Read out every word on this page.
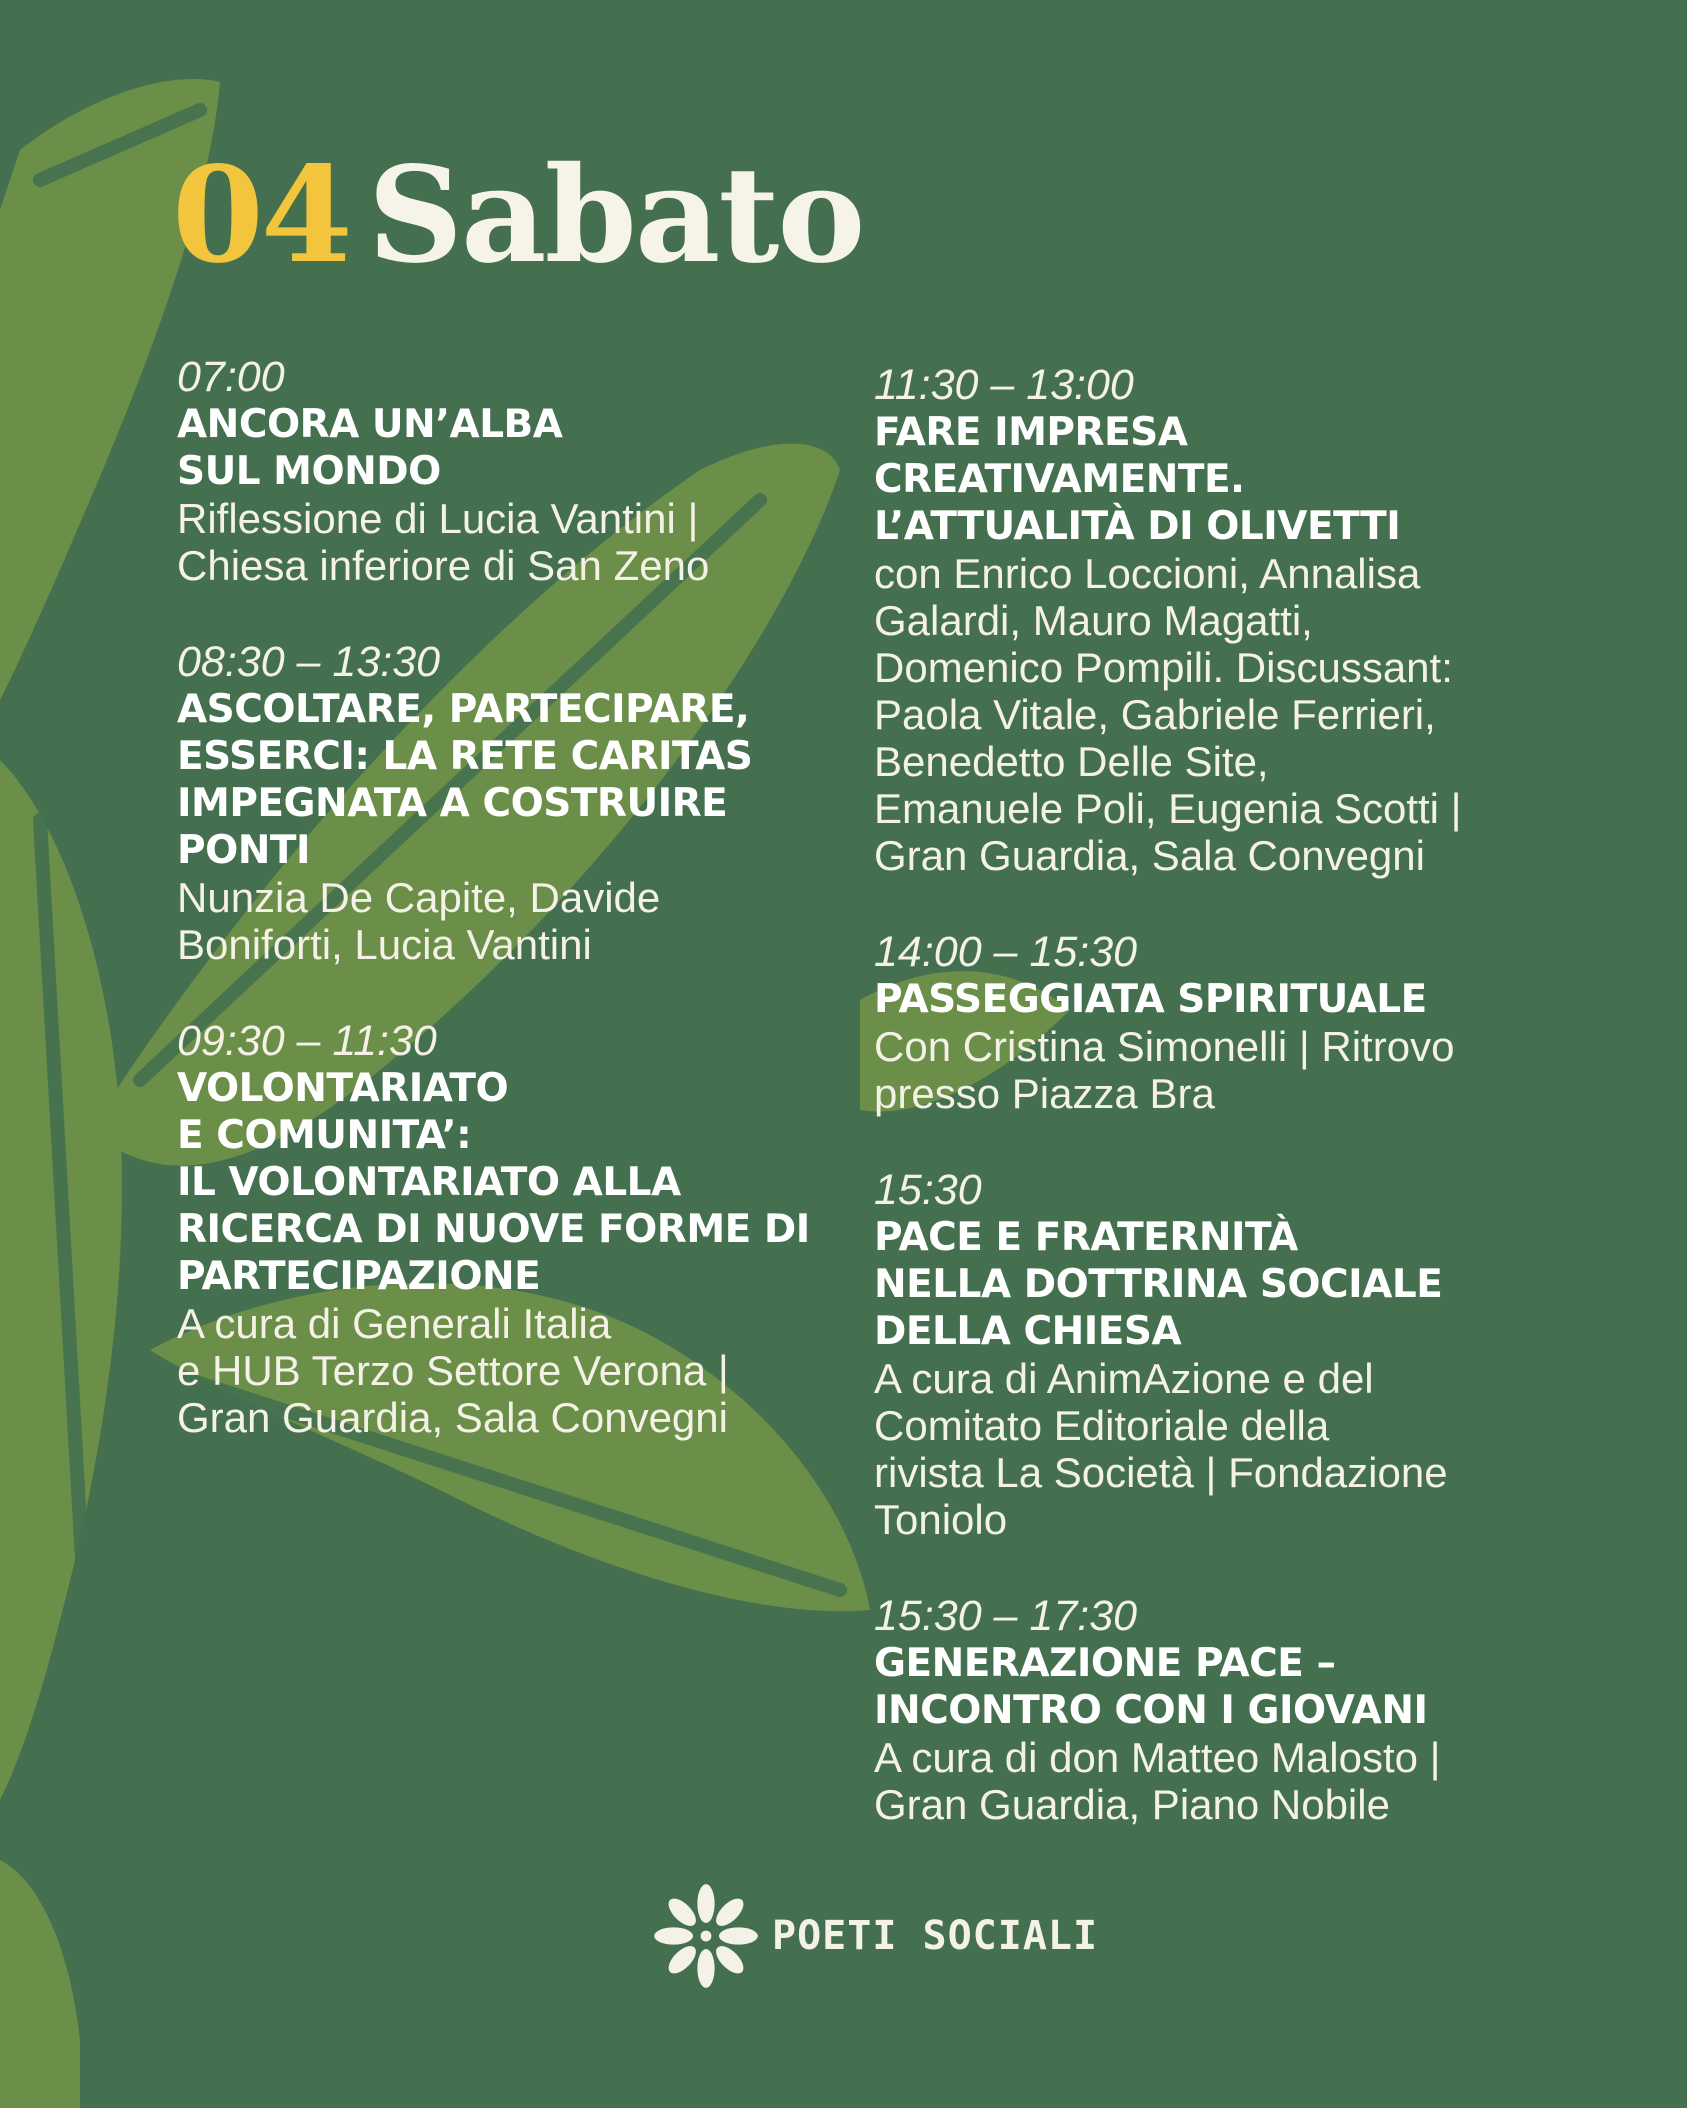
04 Sabato
07:00
ANCORA UN’ALBA
SUL MONDO
Riflessione di Lucia Vantini |
Chiesa inferiore di San Zeno
08:30 – 13:30
ASCOLTARE, PARTECIPARE,
ESSERCI: LA RETE CARITAS
IMPEGNATA A COSTRUIRE
PONTI
Nunzia De Capite, Davide
Boniforti, Lucia Vantini
09:30 – 11:30
VOLONTARIATO
E COMUNITA’:
IL VOLONTARIATO ALLA
RICERCA DI NUOVE FORME DI
PARTECIPAZIONE
A cura di Generali Italia
e HUB Terzo Settore Verona |
Gran Guardia, Sala Convegni
11:30 – 13:00
FARE IMPRESA
CREATIVAMENTE.
L’ATTUALITÀ DI OLIVETTI
con Enrico Loccioni, Annalisa
Galardi, Mauro Magatti,
Domenico Pompili. Discussant:
Paola Vitale, Gabriele Ferrieri,
Benedetto Delle Site,
Emanuele Poli, Eugenia Scotti |
Gran Guardia, Sala Convegni
14:00 – 15:30
PASSEGGIATA SPIRITUALE
Con Cristina Simonelli | Ritrovo
presso Piazza Bra
15:30
PACE E FRATERNITÀ
NELLA DOTTRINA SOCIALE
DELLA CHIESA
A cura di AnimAzione e del
Comitato Editoriale della
rivista La Società | Fondazione
Toniolo
15:30 – 17:30
GENERAZIONE PACE –
INCONTRO CON I GIOVANI
A cura di don Matteo Malosto |
Gran Guardia, Piano Nobile
POETI SOCIALI
